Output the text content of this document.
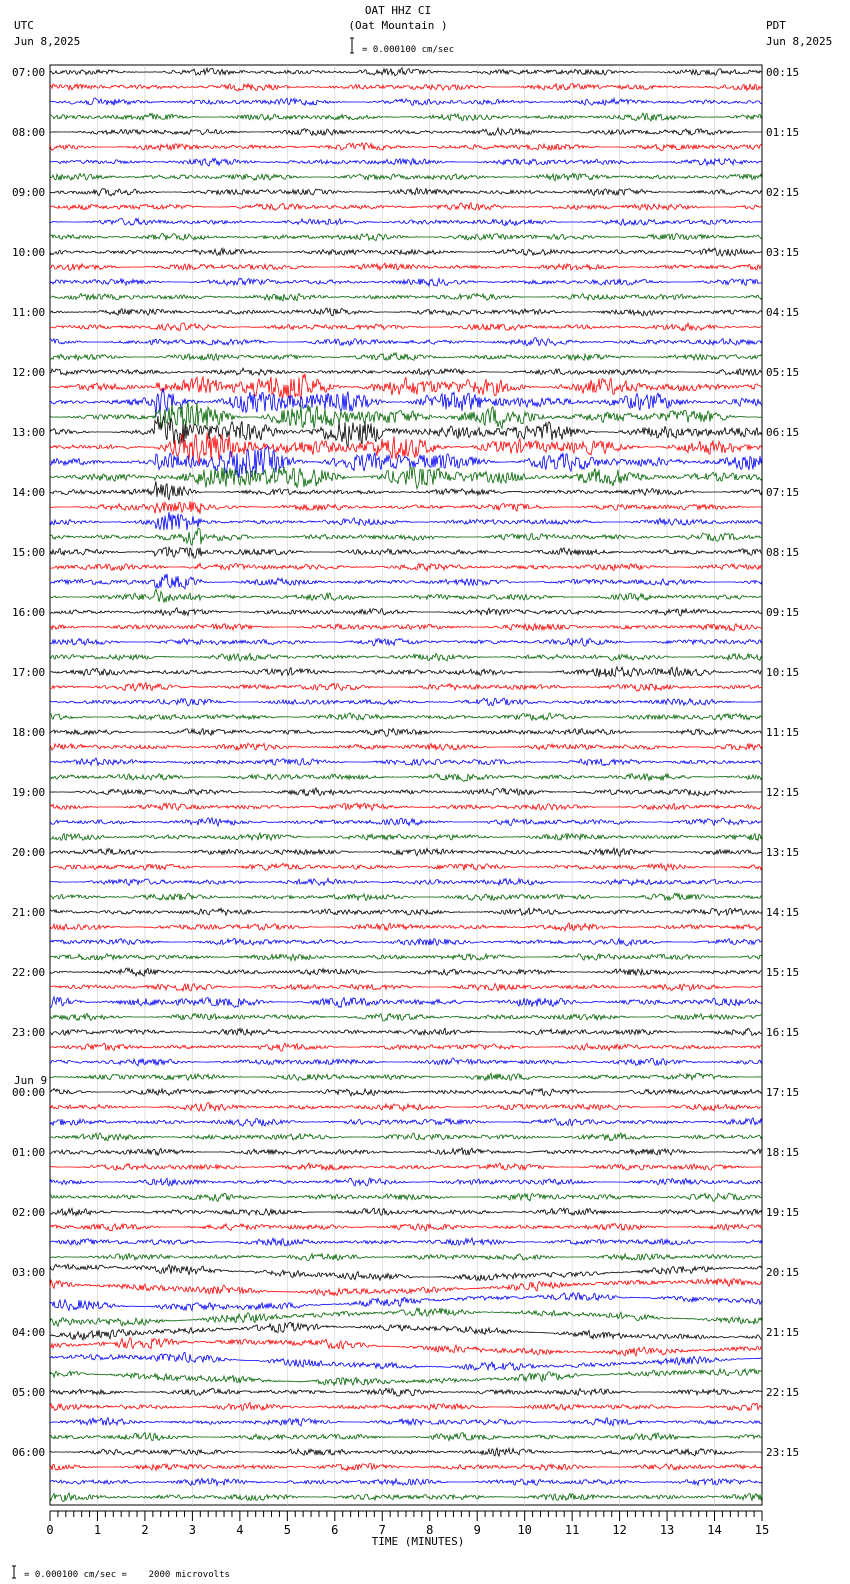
OAT HHZ CI
(Oat Mountain )
UTC
Jun 8,2025
PDT
Jun 8,2025
= 0.000100 cm/sec
07:00
08:00
09:00
10:00
11:00
12:00
13:00
14:00
15:00
16:00
17:00
18:00
19:00
20:00
21:00
22:00
23:00
00:00
Jun 9
01:00
02:00
03:00
04:00
05:00
06:00
00:15
01:15
02:15
03:15
04:15
05:15
06:15
07:15
08:15
09:15
10:15
11:15
12:15
13:15
14:15
15:15
16:15
17:15
18:15
19:15
20:15
21:15
22:15
23:15
0	1	2	3	4	5	6	7	8	9	10	11	12	13	14	15
TIME (MINUTES)
= 0.000100 cm/sec =    2000 microvolts
